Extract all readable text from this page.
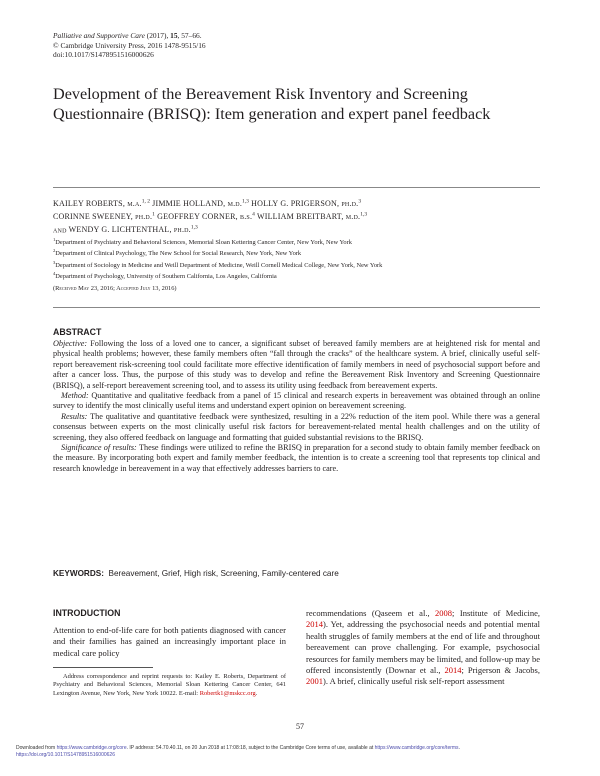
Palliative and Supportive Care (2017), 15, 57–66.
© Cambridge University Press, 2016 1478-9515/16
doi:10.1017/S1478951516000626
Development of the Bereavement Risk Inventory and Screening Questionnaire (BRISQ): Item generation and expert panel feedback
KAILEY ROBERTS, m.a.$^{1, 2}$ JIMMIE HOLLAND, m.d.$^{1,3}$ HOLLY G. PRIGERSON, ph.d.$^3$
CORINNE SWEENEY, ph.d.$^1$ GEOFFREY CORNER, b.s.$^4$ WILLIAM BREITBART, m.d.$^{1,3}$
and WENDY G. LICHTENTHAL, ph.d.$^{1,3}$
$^1$Department of Psychiatry and Behavioral Sciences, Memorial Sloan Kettering Cancer Center, New York, New York
$^2$Department of Clinical Psychology, The New School for Social Research, New York, New York
$^3$Department of Sociology in Medicine and Weill Department of Medicine, Weill Cornell Medical College, New York, New York
$^4$Department of Psychology, University of Southern California, Los Angeles, California
(Received May 23, 2016; Accepted July 13, 2016)
ABSTRACT

Objective: Following the loss of a loved one to cancer, a significant subset of bereaved family members are at heightened risk for mental and physical health problems; however, these family members often “fall through the cracks” of the healthcare system. A brief, clinically useful self-report bereavement risk-screening tool could facilitate more effective identification of family members in need of psychosocial support before and after a cancer loss. Thus, the purpose of this study was to develop and refine the Bereavement Risk Inventory and Screening Questionnaire (BRISQ), a self-report bereavement screening tool, and to assess its utility using feedback from bereavement experts.

Method: Quantitative and qualitative feedback from a panel of 15 clinical and research experts in bereavement was obtained through an online survey to identify the most clinically useful items and understand expert opinion on bereavement screening.

Results: The qualitative and quantitative feedback were synthesized, resulting in a 22% reduction of the item pool. While there was a general consensus between experts on the most clinically useful risk factors for bereavement-related mental health challenges and on the utility of screening, they also offered feedback on language and formatting that guided substantial revisions to the BRISQ.

Significance of results: These findings were utilized to refine the BRISQ in preparation for a second study to obtain family member feedback on the measure. By incorporating both expert and family member feedback, the intention is to create a screening tool that represents top clinical and research knowledge in bereavement in a way that effectively addresses barriers to care.

KEYWORDS: Bereavement, Grief, High risk, Screening, Family-centered care
INTRODUCTION

Attention to end-of-life care for both patients diagnosed with cancer and their families has gained an increasingly important place in medical care policy

Address correspondence and reprint requests to: Kailey E. Roberts, Department of Psychiatry and Behavioral Sciences, Memorial Sloan Kettering Cancer Center, 641 Lexington Avenue, New York, New York 10022. E-mail: Robertk1@mskcc.org.

recommendations (Qaseem et al., 2008; Institute of Medicine, 2014). Yet, addressing the psychosocial needs and potential mental health struggles of family members at the end of life and throughout bereavement can prove challenging. For example, psychosocial resources for family members may be limited, and follow-up may be offered inconsistently (Downar et al., 2014; Prigerson & Jacobs, 2001). A brief, clinically useful risk self-report assessment

57
Downloaded from https://www.cambridge.org/core. IP address: 54.70.40.11, on 20 Jun 2018 at 17:08:18, subject to the Cambridge Core terms of use, available at https://www.cambridge.org/core/terms.
https://doi.org/10.1017/S1478951516000626
